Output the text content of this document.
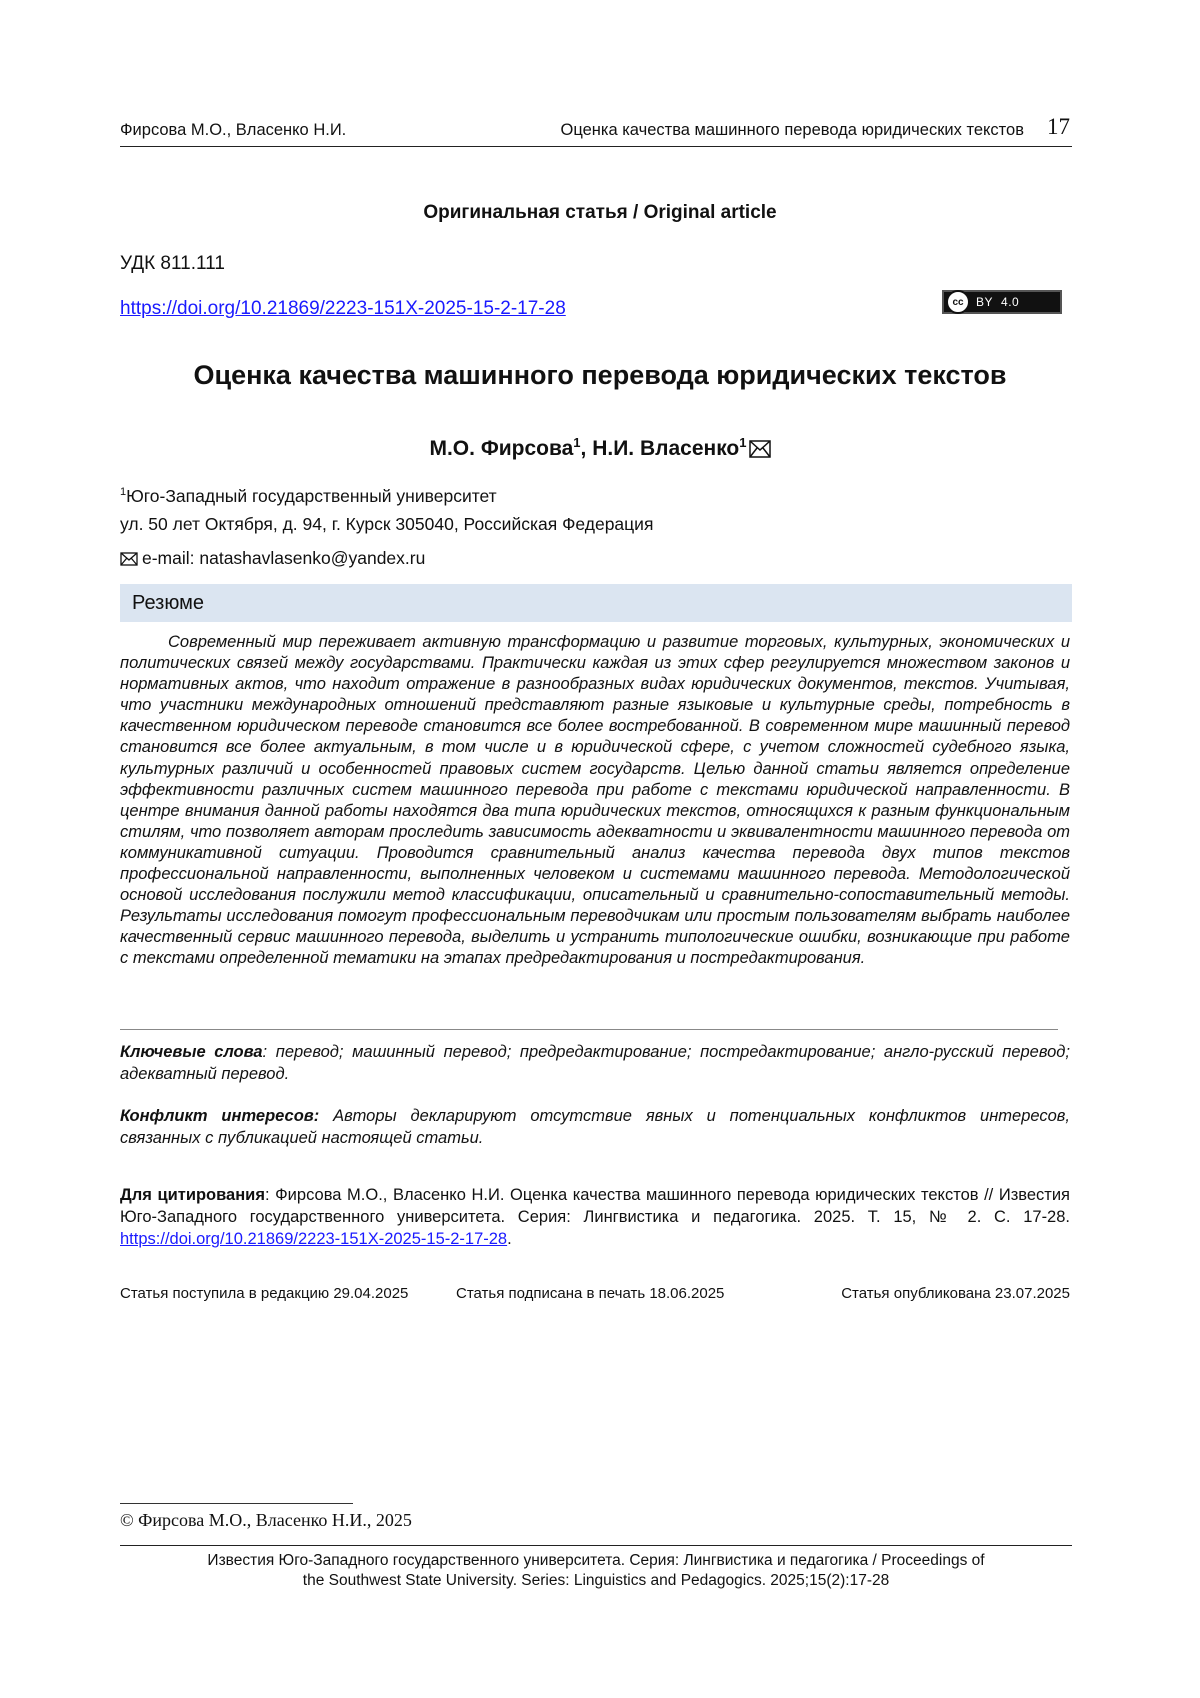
Фирсова М.О., Власенко Н.И.	Оценка качества машинного перевода юридических текстов 17
Оригинальная статья / Original article
УДК 811.111
https://doi.org/10.21869/2223-151X-2025-15-2-17-28	cc	BY 4.0
Оценка качества машинного перевода юридических текстов
М.О. Фирсова$^1$, Н.И. Власенко$^1$
$^1$Юго-Западный государственный университет
ул. 50 лет Октября, д. 94, г. Курск 305040, Российская Федерация
e-mail: natashavlasenko@yandex.ru
Резюме

Современный мир переживает активную трансформацию и развитие торговых, культурных, экономических и политических связей между государствами. Практически каждая из этих сфер регулируется множеством законов и нормативных актов, что находит отражение в разнообразных видах юридических документов, текстов. Учитывая, что участники международных отношений представляют разные языковые и культурные среды, потребность в качественном юридическом переводе становится все более востребованной. В современном мире машинный перевод становится все более актуальным, в том числе и в юридической сфере, с учетом сложностей судебного языка, культурных различий и особенностей правовых систем государств. Целью данной статьи является определение эффективности различных систем машинного перевода при работе с текстами юридической направленности. В центре внимания данной работы находятся два типа юридических текстов, относящихся к разным функциональным стилям, что позволяет авторам проследить зависимость адекватности и эквивалентности машинного перевода от коммуникативной ситуации. Проводится сравнительный анализ качества перевода двух типов текстов профессиональной направленности, выполненных человеком и системами машинного перевода. Методологической основой исследования послужили метод классификации, описательный и сравнительно-сопоставительный методы. Результаты исследования помогут профессиональным переводчикам или простым пользователям выбрать наиболее качественный сервис машинного перевода, выделить и устранить типологические ошибки, возникающие при работе с текстами определенной тематики на этапах предредактирования и постредактирования.

Ключевые слова: перевод; машинный перевод; предредактирование; постредактирование; англо-русский перевод; адекватный перевод.

Конфликт интересов: Авторы декларируют отсутствие явных и потенциальных конфликтов интересов, связанных с публикацией настоящей статьи.

Для цитирования: Фирсова М.О., Власенко Н.И. Оценка качества машинного перевода юридических текстов // Известия Юго-Западного государственного университета. Серия: Лингвистика и педагогика. 2025. Т. 15, № 2. С. 17-28. https://doi.org/10.21869/2223-151X-2025-15-2-17-28.

Статья поступила в редакцию 29.04.2025	Статья подписана в печать 18.06.2025	Статья опубликована 23.07.2025
© Фирсова М.О., Власенко Н.И., 2025
Известия Юго-Западного государственного университета. Серия: Лингвистика и педагогика / Proceedings of
the Southwest State University. Series: Linguistics and Pedagogics. 2025;15(2):17-28
